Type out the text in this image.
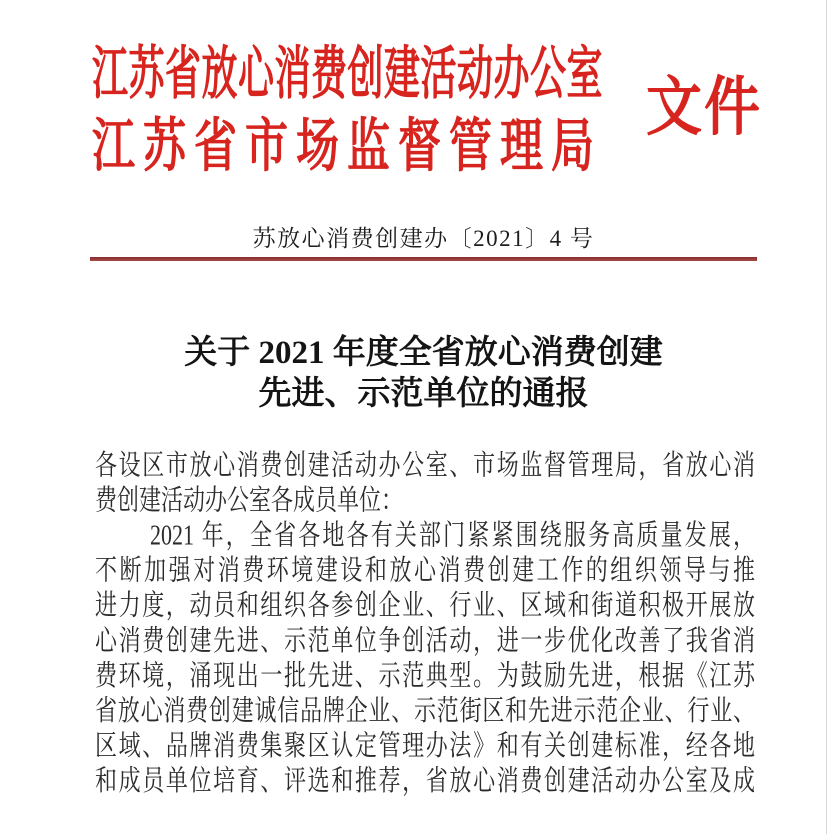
江苏省放心消费创建活动办公室
江苏省市场监督管理局
文件
苏放心消费创建办〔2021〕4 号
关于 2021 年度全省放心消费创建
先进、示范单位的通报
各设区市放心消费创建活动办公室、市场监督管理局，省放心消
费创建活动办公室各成员单位：
2021 年，全省各地各有关部门紧紧围绕服务高质量发展，
不断加强对消费环境建设和放心消费创建工作的组织领导与推
进力度，动员和组织各参创企业、行业、区域和街道积极开展放
心消费创建先进、示范单位争创活动，进一步优化改善了我省消
费环境，涌现出一批先进、示范典型。为鼓励先进，根据《江苏
省放心消费创建诚信品牌企业、示范街区和先进示范企业、行业、
区域、品牌消费集聚区认定管理办法》和有关创建标准，经各地
和成员单位培育、评选和推荐，省放心消费创建活动办公室及成
